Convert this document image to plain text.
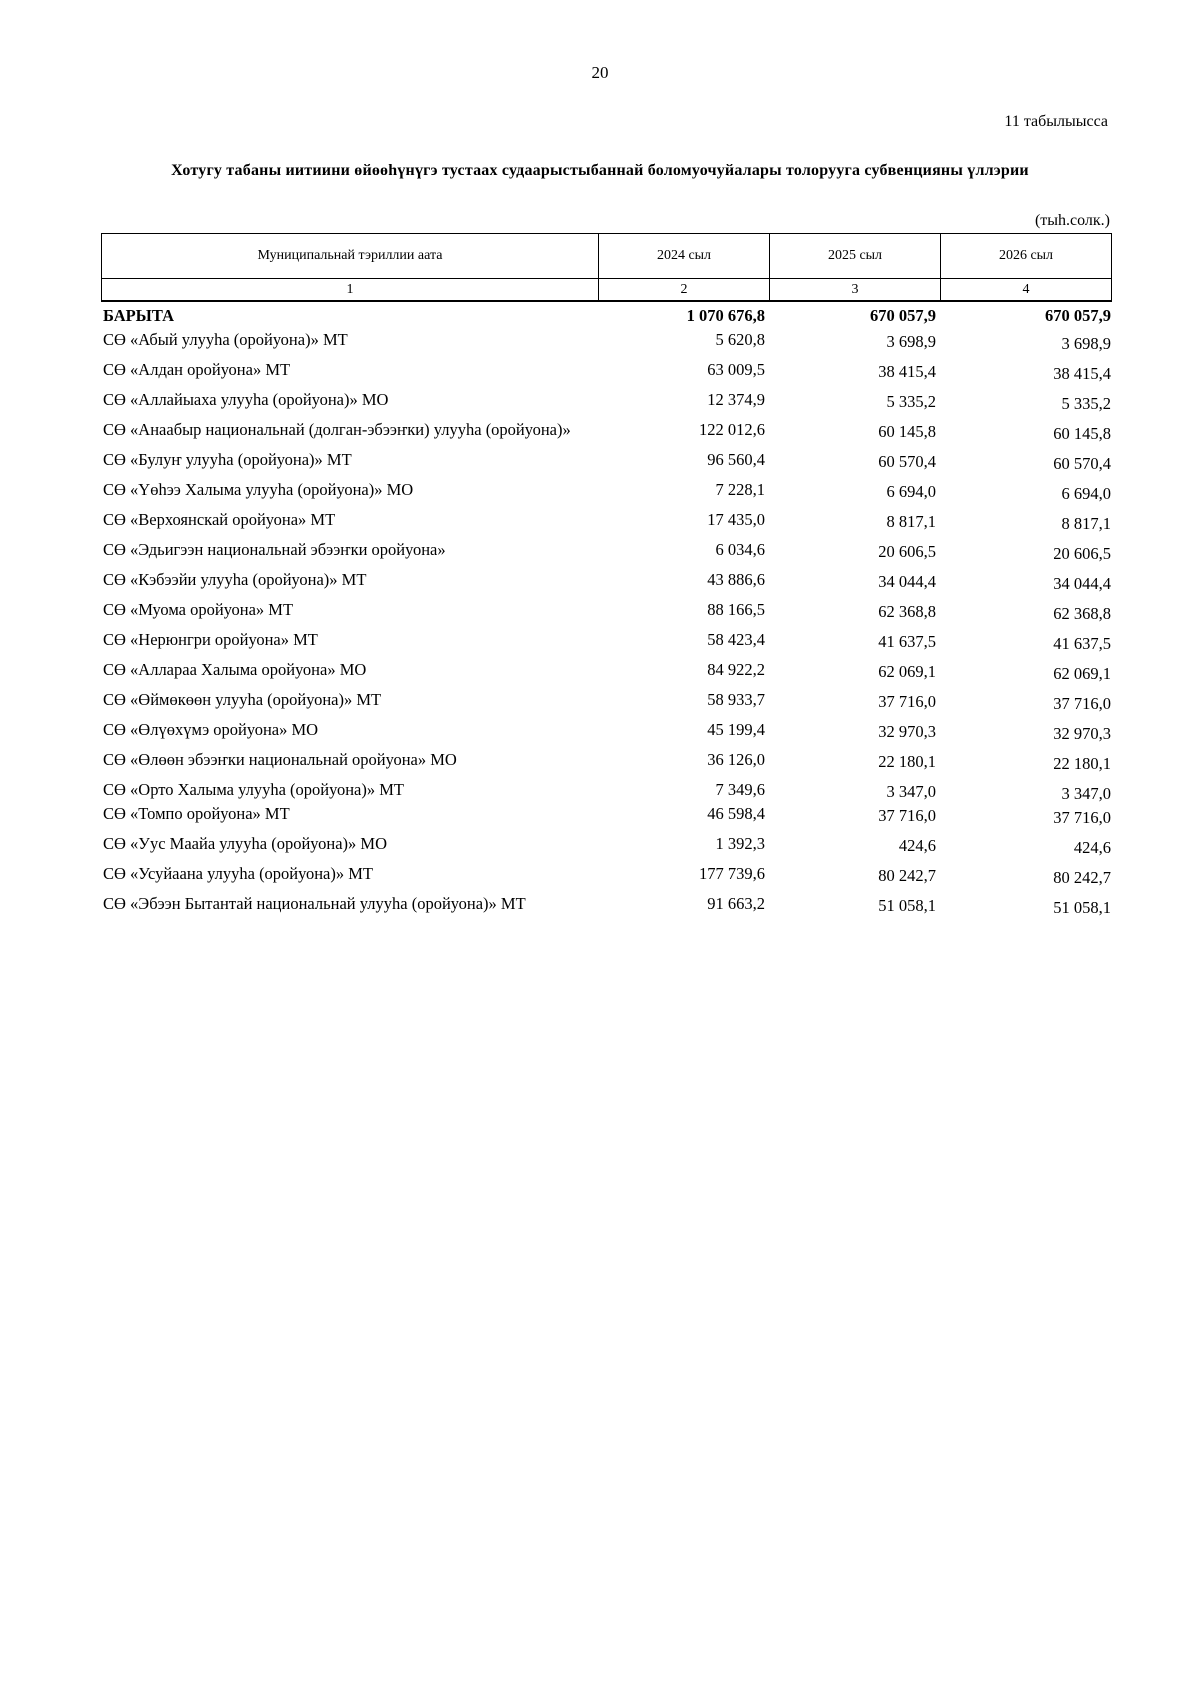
20
11 табылыысса
Хотугу табаны иитиини өйөөһүнүгэ тустаах судаарыстыбаннай боломуочуйалары толоруугa субвенцияны үллэрии
(тыһ.солк.)
Муниципальнай тэриллии аата	2024 сыл	2025 сыл	2026 сыл
1	2	3	4
БАРЫТА	1 070 676,8	670 057,9	670 057,9
СӨ «Абый улууһа (оройуона)» МТ	5 620,8	3 698,9	3 698,9
СӨ «Алдан оройуона» МТ	63 009,5	38 415,4	38 415,4
СӨ «Аллайыаха улууһа (оройуона)» МО	12 374,9	5 335,2	5 335,2
СӨ «Анаабыр национальнай (долган-эбээҥки) улууһа (оройуона)»	122 012,6	60 145,8	60 145,8
СӨ «Булуҥ улууһа (оройуона)» МТ	96 560,4	60 570,4	60 570,4
СӨ «Үөһээ Халыма улууһа (оройуона)» МО	7 228,1	6 694,0	6 694,0
СӨ «Верхоянскай оройуона» МТ	17 435,0	8 817,1	8 817,1
СӨ «Эдьигээн национальнай эбээҥки оройуона»	6 034,6	20 606,5	20 606,5
СӨ «Кэбээйи улууһа (оройуона)» МТ	43 886,6	34 044,4	34 044,4
СӨ «Муома оройуона» МТ	88 166,5	62 368,8	62 368,8
СӨ «Нерюнгри оройуона» МТ	58 423,4	41 637,5	41 637,5
СӨ «Аллараа Халыма оройуона» МО	84 922,2	62 069,1	62 069,1
СӨ «Өймөкөөн улууһа (оройуона)» МТ	58 933,7	37 716,0	37 716,0
СӨ «Өлүөхүмэ оройуона» МО	45 199,4	32 970,3	32 970,3
СӨ «Өлөөн эбээҥки национальнай оройуона» МО	36 126,0	22 180,1	22 180,1
СӨ «Орто Халыма улууһа (оройуона)» МТ	7 349,6	3 347,0	3 347,0
СӨ «Томпо оройуона» МТ	46 598,4	37 716,0	37 716,0
СӨ «Уус Маайа улууһа (оройуона)» МО	1 392,3	424,6	424,6
СӨ «Усуйаана улууһа (оройуона)» МТ	177 739,6	80 242,7	80 242,7
СӨ «Эбээн Бытантай национальнай улууһа (оройуона)» МТ	91 663,2	51 058,1	51 058,1
